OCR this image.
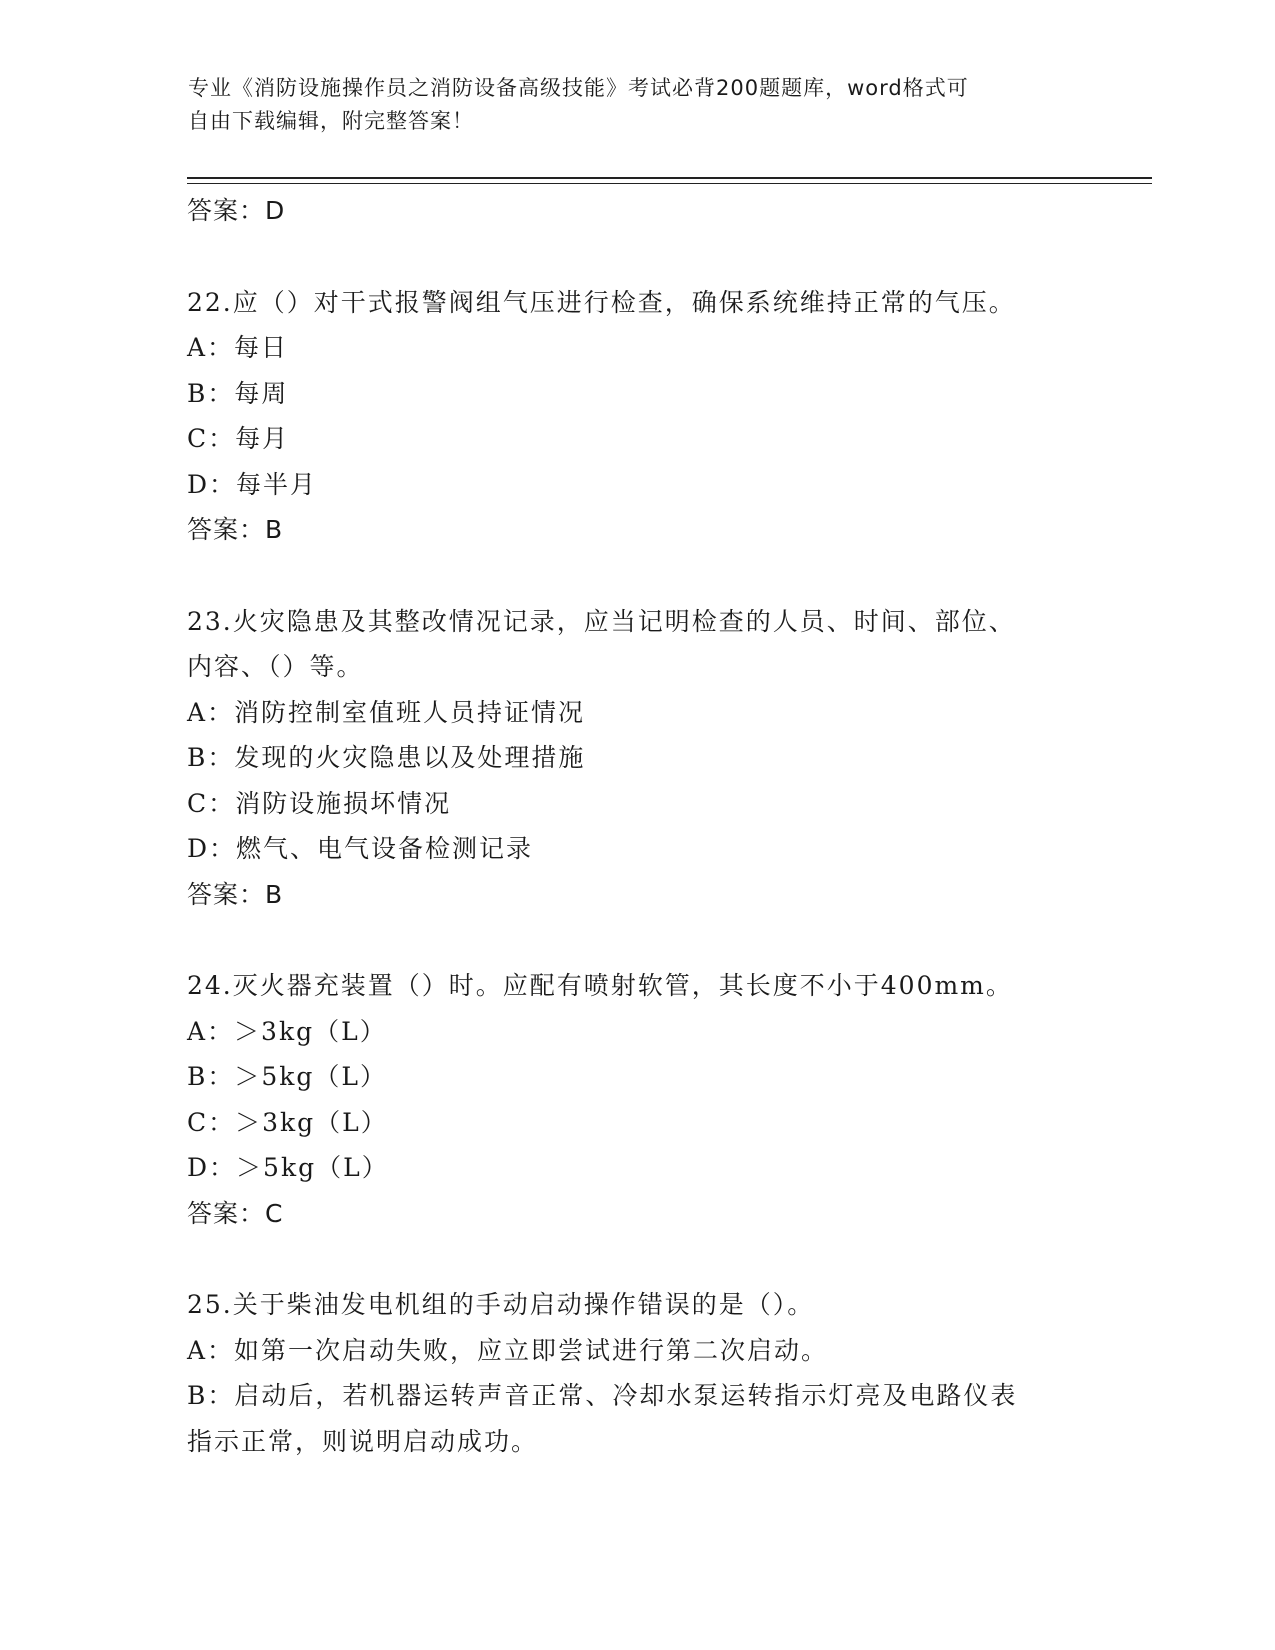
专业《消防设施操作员之消防设备高级技能》考试必背200题题库，word格式可
自由下载编辑，附完整答案！
答案：D
22.应（）对干式报警阀组气压进行检查，确保系统维持正常的气压。
A：每日
B：每周
C：每月
D：每半月
答案：B
23.火灾隐患及其整改情况记录，应当记明检查的人员、时间、部位、
内容、（）等。
A：消防控制室值班人员持证情况
B：发现的火灾隐患以及处理措施
C：消防设施损坏情况
D：燃气、电气设备检测记录
答案：B
24.灭火器充装置（）时。应配有喷射软管，其长度不小于400mm。
A：＞3kg（L）
B：＞5kg（L）
C：＞3kg（L）
D：＞5kg（L）
答案：C
25.关于柴油发电机组的手动启动操作错误的是（）。
A：如第一次启动失败，应立即尝试进行第二次启动。
B：启动后，若机器运转声音正常、冷却水泵运转指示灯亮及电路仪表
指示正常，则说明启动成功。
